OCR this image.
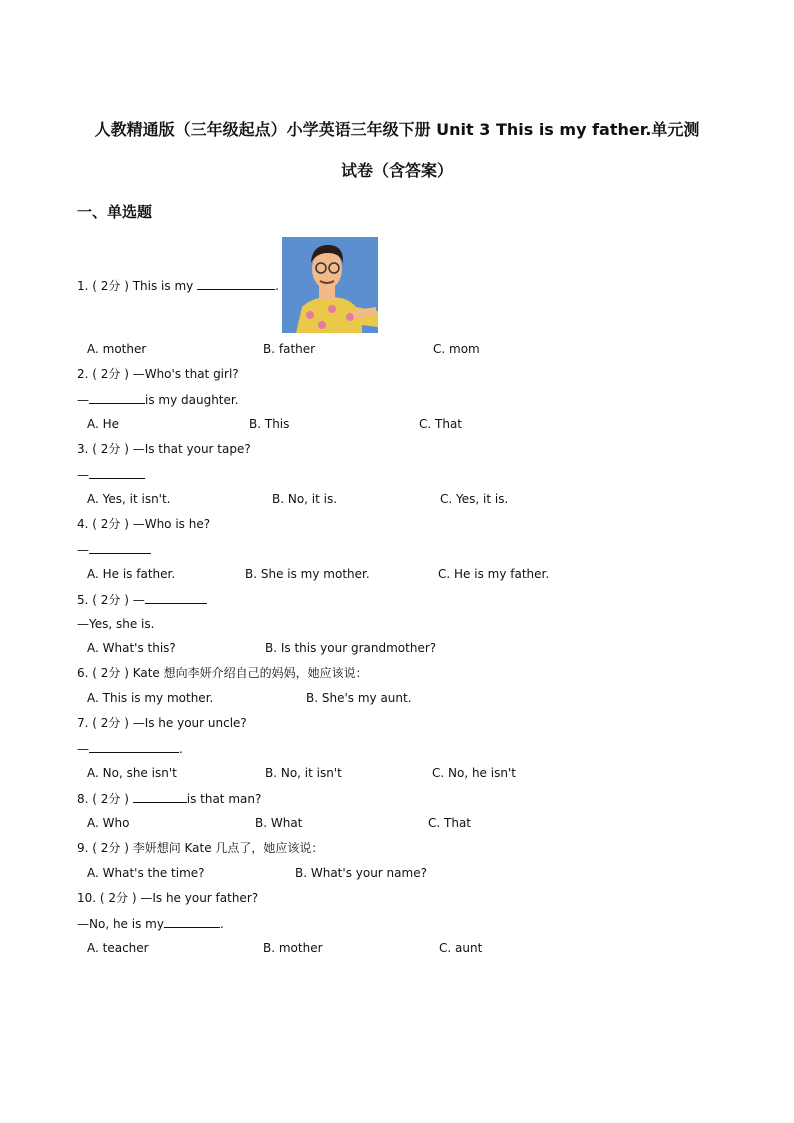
人教精通版（三年级起点）小学英语三年级下册 Unit 3 This is my father.单元测
试卷（含答案）
一、单选题
1. ( 2分 ) This is my	.
A. mother	B. father	C. mom
2. ( 2分 ) —Who's that girl?
—	is my daughter.
A. He	B. This	C. That
3. ( 2分 ) —Is that your tape?
—
A. Yes, it isn't.	B. No, it is.	C. Yes, it is.
4. ( 2分 ) —Who is he?
—
A. He is father.	B. She is my mother.	C. He is my father.
5. ( 2分 ) —
—Yes, she is.
A. What's this?	B. Is this your grandmother?
6. ( 2分 ) Kate 想向李妍介绍自己的妈妈，她应该说：
A. This is my mother.	B. She's my aunt.
7. ( 2分 ) —Is he your uncle?
—	.
A. No, she isn't	B. No, it isn't	C. No, he isn't
8. ( 2分 )	is that man?
A. Who	B. What	C. That
9. ( 2分 ) 李妍想问 Kate 几点了，她应该说：
A. What's the time?	B. What's your name?
10. ( 2分 ) —Is he your father?
—No, he is my	.
A. teacher	B. mother	C. aunt
